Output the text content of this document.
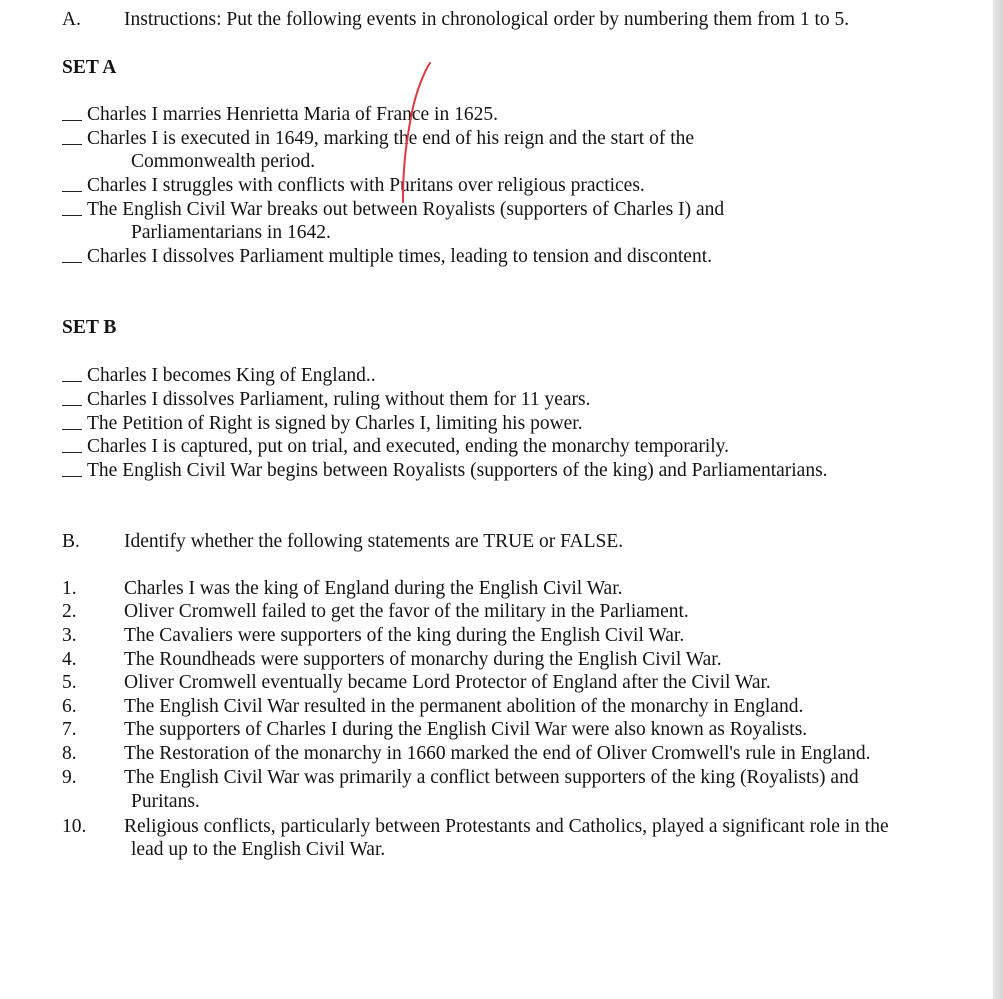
A. Instructions: Put the following events in chronological order by numbering them from 1 to 5.
SET A
Charles I marries Henrietta Maria of France in 1625.
Charles I is executed in 1649, marking the end of his reign and the start of the
Commonwealth period.
Charles I struggles with conflicts with Puritans over religious practices.
The English Civil War breaks out between Royalists (supporters of Charles I) and
Parliamentarians in 1642.
Charles I dissolves Parliament multiple times, leading to tension and discontent.
SET B
Charles I becomes King of England..
Charles I dissolves Parliament, ruling without them for 11 years.
The Petition of Right is signed by Charles I, limiting his power.
Charles I is captured, put on trial, and executed, ending the monarchy temporarily.
The English Civil War begins between Royalists (supporters of the king) and Parliamentarians.
B. Identify whether the following statements are TRUE or FALSE.
1. Charles I was the king of England during the English Civil War.
2. Oliver Cromwell failed to get the favor of the military in the Parliament.
3. The Cavaliers were supporters of the king during the English Civil War.
4. The Roundheads were supporters of monarchy during the English Civil War.
5. Oliver Cromwell eventually became Lord Protector of England after the Civil War.
6. The English Civil War resulted in the permanent abolition of the monarchy in England.
7. The supporters of Charles I during the English Civil War were also known as Royalists.
8. The Restoration of the monarchy in 1660 marked the end of Oliver Cromwell's rule in England.
9. The English Civil War was primarily a conflict between supporters of the king (Royalists) and
Puritans.
10. Religious conflicts, particularly between Protestants and Catholics, played a significant role in the
lead up to the English Civil War.
